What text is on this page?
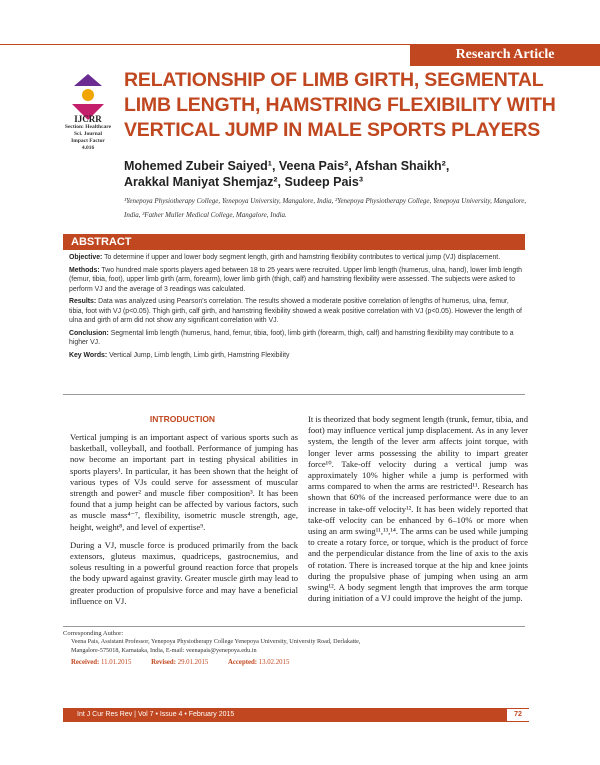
Research Article
IJCRR
Section: Healthcare
Sci. Journal
Impact Factor
4.016
RELATIONSHIP OF LIMB GIRTH, SEGMENTAL LIMB LENGTH, HAMSTRING FLEXIBILITY WITH VERTICAL JUMP IN MALE SPORTS PLAYERS
Mohemed Zubeir Saiyed¹, Veena Pais², Afshan Shaikh²,
Arakkal Maniyat Shemjaz², Sudeep Pais³
¹Yenepoya Physiotherapy College, Yenepoya University, Mangalore, India, ²Yenepoya Physiotherapy College, Yenepoya University, Mangalore, India, ³Father Muller Medical College, Mangalore, India.
ABSTRACT

Objective: To determine if upper and lower body segment length, girth and hamstring flexibility contributes to vertical jump (VJ) displacement.

Methods: Two hundred male sports players aged between 18 to 25 years were recruited. Upper limb length (humerus, ulna, hand), lower limb length (femur, tibia, foot), upper limb girth (arm, forearm), lower limb girth (thigh, calf) and hamstring flexibility were assessed. The subjects were asked to perform VJ and the average of 3 readings was calculated.

Results: Data was analyzed using Pearson's correlation. The results showed a moderate positive correlation of lengths of humerus, ulna, femur, tibia, foot with VJ (p<0.05). Thigh girth, calf girth, and hamstring flexibility showed a weak positive correlation with VJ (p<0.05). However the length of ulna and girth of arm did not show any significant correlation with VJ.

Conclusion: Segmental limb length (humerus, hand, femur, tibia, foot), limb girth (forearm, thigh, calf) and hamstring flexibility may contribute to a higher VJ.

Key Words: Vertical Jump, Limb length, Limb girth, Hamstring Flexibility

INTRODUCTION

Vertical jumping is an important aspect of various sports such as basketball, volleyball, and football. Performance of jumping has now become an important part in testing physical abilities in sports players¹. In particular, it has been shown that the height of various types of VJs could serve for assessment of muscular strength and power² and muscle fiber composition³. It has been found that a jump height can be affected by various factors, such as muscle mass⁴⁻⁷, flexibility, isometric muscle strength, age, height, weight⁸, and level of expertise⁹.

During a VJ, muscle force is produced primarily from the back extensors, gluteus maximus, quadriceps, gastrocnemius, and soleus resulting in a powerful ground reaction force that propels the body upward against gravity. Greater muscle girth may lead to greater production of propulsive force and may have a beneficial influence on VJ.

It is theorized that body segment length (trunk, femur, tibia, and foot) may influence vertical jump displacement. As in any lever system, the length of the lever arm affects joint torque, with longer lever arms possessing the ability to impart greater force¹⁰. Take-off velocity during a vertical jump was approximately 10% higher while a jump is performed with arms compared to when the arms are restricted¹¹. Research has shown that 60% of the increased performance were due to an increase in take-off velocity¹². It has been widely reported that take-off velocity can be enhanced by 6–10% or more when using an arm swing¹¹,¹³,¹⁴. The arms can be used while jumping to create a rotary force, or torque, which is the product of force and the perpendicular distance from the line of axis to the axis of rotation. There is increased torque at the hip and knee joints during the propulsive phase of jumping when using an arm swing¹². A body segment length that improves the arm torque during initiation of a VJ could improve the height of the jump.

Corresponding Author:
Veena Pais, Assistant Professor, Yenepoya Physiotherapy College Yenepoya University, University Road, Derlakatte,
Mangalore-575018, Karnataka, India, E-mail: veenapais@yenepoya.edu.in
Received: 11.01.2015	Revised: 29.01.2015	Accepted: 13.02.2015
Int J Cur Res Rev | Vol 7 • Issue 4 • February 2015	72
